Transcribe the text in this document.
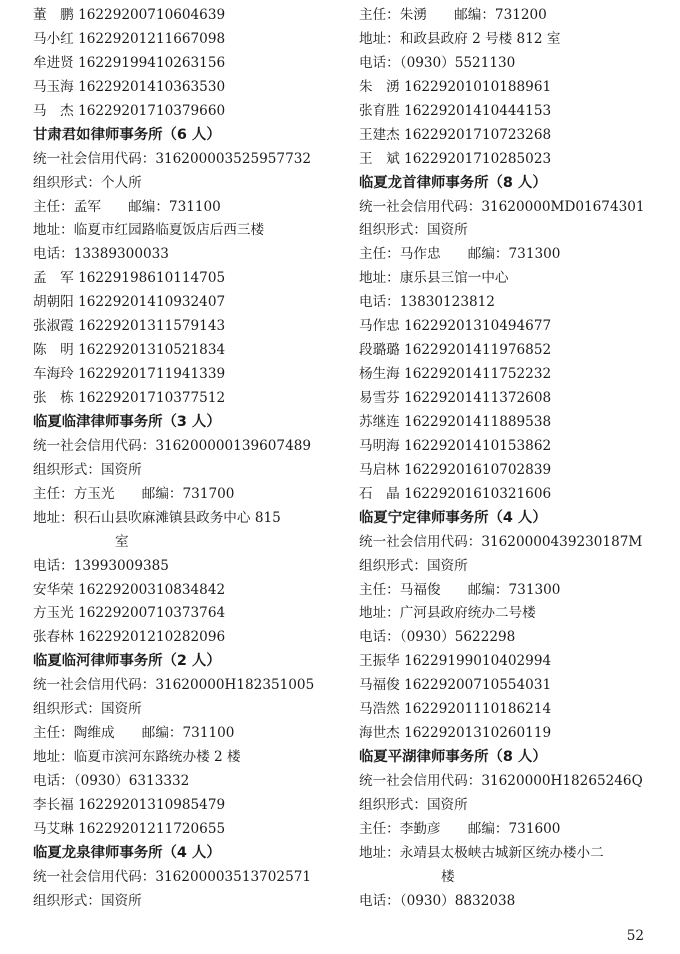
董　鹏 16229200710604639
马小红 16229201211667098
牟进贤 16229199410263156
马玉海 16229201410363530
马　杰 16229201710379660
甘肃君如律师事务所（6 人）
统一社会信用代码：316200003525957732
组织形式：个人所
主任：孟军　　邮编：731100
地址：临夏市红园路临夏饭店后西三楼
电话：13389300033
孟　军 16229198610114705
胡朝阳 16229201410932407
张淑霞 16229201311579143
陈　明 16229201310521834
车海玲 16229201711941339
张　栋 16229201710377512
临夏临津律师事务所（3 人）
统一社会信用代码：316200000139607489
组织形式：国资所
主任：方玉光　　邮编：731700
地址：积石山县吹麻滩镇县政务中心 815
室
电话：13993009385
安华荣 16229200310834842
方玉光 16229200710373764
张春林 16229201210282096
临夏临河律师事务所（2 人）
统一社会信用代码：31620000H182351005
组织形式：国资所
主任：陶维成　　邮编：731100
地址：临夏市滨河东路统办楼 2 楼
电话：（0930）6313332
李长福 16229201310985479
马艾琳 16229201211720655
临夏龙泉律师事务所（4 人）
统一社会信用代码：316200003513702571
组织形式：国资所
主任：朱湧　　邮编：731200
地址：和政县政府 2 号楼 812 室
电话：（0930）5521130
朱　湧 16229201010188961
张育胜 16229201410444153
王建杰 16229201710723268
王　斌 16229201710285023
临夏龙首律师事务所（8 人）
统一社会信用代码：31620000MD01674301
组织形式：国资所
主任：马作忠　　邮编：731300
地址：康乐县三馆一中心
电话：13830123812
马作忠 16229201310494677
段璐璐 16229201411976852
杨生海 16229201411752232
易雪芬 16229201411372608
苏继连 16229201411889538
马明海 16229201410153862
马启林 16229201610702839
石　晶 16229201610321606
临夏宁定律师事务所（4 人）
统一社会信用代码：31620000439230187M
组织形式：国资所
主任：马福俊　　邮编：731300
地址：广河县政府统办二号楼
电话：（0930）5622298
王振华 16229199010402994
马福俊 16229200710554031
马浩然 16229201110186214
海世杰 16229201310260119
临夏平湖律师事务所（8 人）
统一社会信用代码：31620000H18265246Q
组织形式：国资所
主任：李勤彦　　邮编：731600
地址：永靖县太极峡古城新区统办楼小二
楼
电话：（0930）8832038
52
